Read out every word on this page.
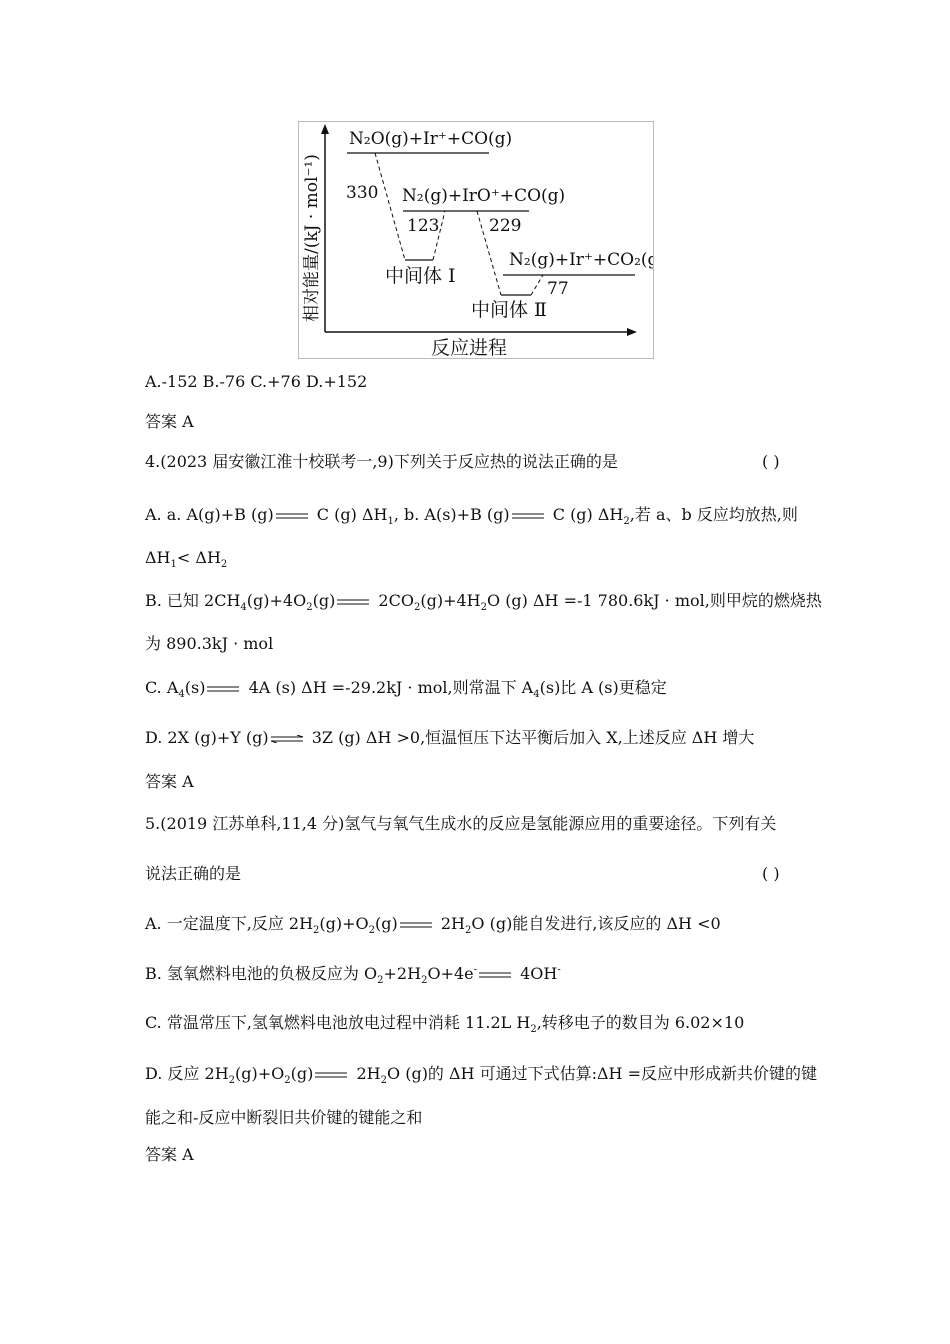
相对能量/(kJ · mol⁻¹)
反应进程
N₂O(g)+Ir⁺+CO(g)
N₂(g)+IrO⁺+CO(g)
N₂(g)+Ir⁺+CO₂(g)
330
123	229
77
中间体 Ⅰ
中间体 Ⅱ
A.-152 B.-76 C.+76 D.+152
答案 A
4.(2023 届安徽江淮十校联考一,9)下列关于反应热的说法正确的是	( )
A. a. A(g)+B (g)	C (g) $\Delta H_1$, b. A(s)+B (g)	C (g) $\Delta H_2$,若 a、b 反应均放热,则
$\Delta H_1< \Delta H_2$
B. 已知 $2CH_4(g)+4O_2(g)$	$2CO_2(g)+4H_2O$ (g) ΔH =-1 780.6kJ · mol,则甲烷的燃烧热
为 890.3kJ · mol
C. $A_4(s)$	4A (s) ΔH =-29.2kJ · mol,则常温下 $A_4(s)$比 A (s)更稳定
D. 2X (g)+Y (g)⇌ 3Z (g) ΔH >0,恒温恒压下达平衡后加入 X,上述反应 ΔH 增大
答案 A
5.(2019 江苏单科,11,4 分)氢气与氧气生成水的反应是氢能源应用的重要途径。下列有关
说法正确的是	( )
A. 一定温度下,反应 $2H_2(g)+O_2(g)$	$2H_2O$ (g)能自发进行,该反应的 ΔH <0
B. 氢氧燃料电池的负极反应为 $O_2+2H_2O+4e^-$	4OH-
C. 常温常压下,氢氧燃料电池放电过程中消耗 11.2L $H_2$,转移电子的数目为 6.02×10
D. 反应 $2H_2(g)+O_2(g)$	$2H_2O$ (g)的 ΔH 可通过下式估算:ΔH =反应中形成新共价键的键
能之和-反应中断裂旧共价键的键能之和
答案 A
